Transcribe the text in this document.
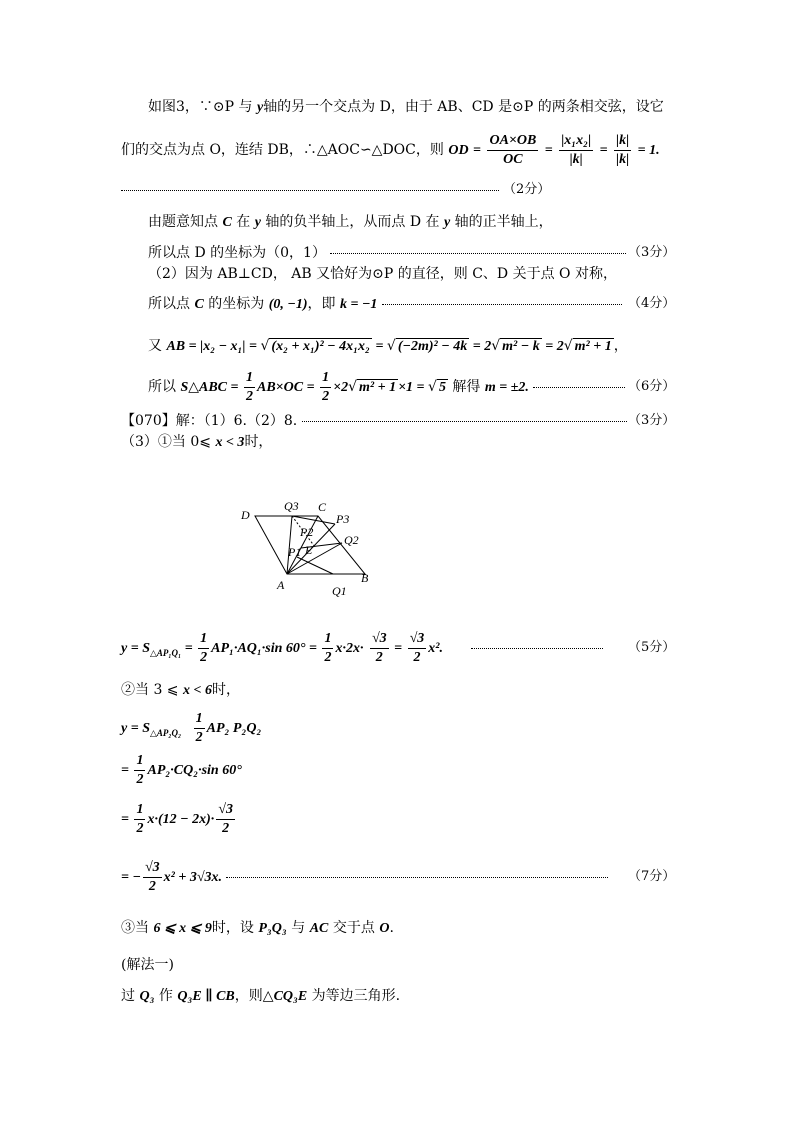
如图3，∵⊙P 与 y轴的另一个交点为 D，由于 AB、CD 是⊙P 的两条相交弦，设它
们的交点为点 O，连结 DB，∴△AOC∽△DOC，则 OD = $\frac{OA\times OB}{OC} = \frac{\text{|x₁x₂|}}{|k|} = \frac{|k|}{|k|} = 1$.
（2分）
由题意知点 C 在 y 轴的负半轴上，从而点 D 在 y 轴的正半轴上，
所以点 D 的坐标为（0，1）	（3分）
（2）因为 AB⊥CD， AB 又恰好为⊙P 的直径，则 C、D 关于点 O 对称，
所以点 C 的坐标为 (0, −1)，即 k = −1	（4分）
又 AB = |x₂ − x₁| = √ (x₂ + x₁)² − 4x₁x₂ = √ (−2m)² − 4k = 2√ m² − k = 2√ m² + 1 ，
所以 S△ABC = $\frac{1}{2} AB\times OC = \frac{1}{2} \times 2√$ m² + 1 ×1 = √ 5 解得 m = ±2.	（6分）
【070】解：（1）6.（2）8.	（3分）
（3）①当 0⩽ x < 3时，
D
Q3 C
P3
P2
Q2
P1 E
A	B
Q1
$y = S_{\triangle AP_1Q_1} = \frac{1}{2} AP_1\cdot AQ_1\cdot\sin$ $60^\circ = \frac{1}{2} x\cdot 2x\cdot \frac{√3}{2} = \frac{√3}{2} x^2$.	（5分）
②当 3 ⩽ x < 6时，
$y = S_{\triangle AP_2Q_2} \frac{1}{2} AP_2$ P₂Q₂
= $\frac{1}{2} AP_2\cdot CQ_2\cdot\sin$ 60°
= $\frac{1}{2} x\cdot(12 - 2x)\cdot \frac{√3}{2}$
= − $\frac{√3}{2} x^2 + 3√3x$.	（7分）
③当 6 ⩽ x ⩽ 9时，设 P₃Q₃ 与 AC 交于点 O.
(解法一)
过 Q₃ 作 Q₃E ∥ CB，则△CQ₃E 为等边三角形.
